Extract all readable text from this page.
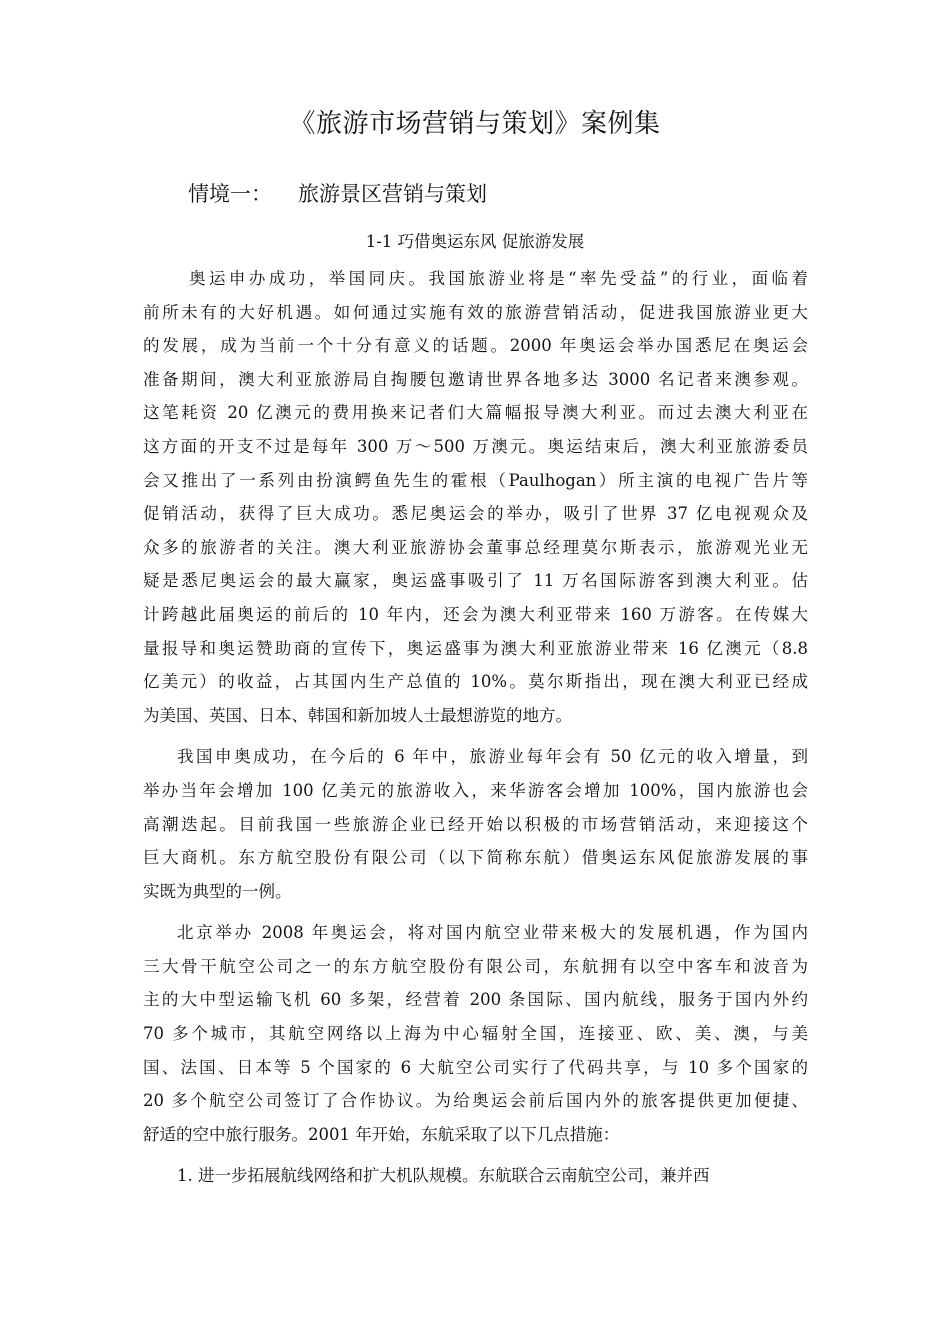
《旅游市场营销与策划》案例集
情境一： 旅游景区营销与策划
1-1 巧借奥运东风 促旅游发展

奥运申办成功，举国同庆。我国旅游业将是“率先受益”的行业，面临着
前所未有的大好机遇。如何通过实施有效的旅游营销活动，促进我国旅游业更大
的发展，成为当前一个十分有意义的话题。2000 年奥运会举办国悉尼在奥运会
准备期间，澳大利亚旅游局自掏腰包邀请世界各地多达 3000 名记者来澳参观。
这笔耗资 20 亿澳元的费用换来记者们大篇幅报导澳大利亚。而过去澳大利亚在
这方面的开支不过是每年 300 万～500 万澳元。奥运结束后，澳大利亚旅游委员
会又推出了一系列由扮演鳄鱼先生的霍根（Paulhogan）所主演的电视广告片等
促销活动，获得了巨大成功。悉尼奥运会的举办，吸引了世界 37 亿电视观众及
众多的旅游者的关注。澳大利亚旅游协会董事总经理莫尔斯表示，旅游观光业无
疑是悉尼奥运会的最大赢家，奥运盛事吸引了 11 万名国际游客到澳大利亚。估
计跨越此届奥运的前后的 10 年内，还会为澳大利亚带来 160 万游客。在传媒大
量报导和奥运赞助商的宣传下，奥运盛事为澳大利亚旅游业带来 16 亿澳元（8.8
亿美元）的收益，占其国内生产总值的 10%。莫尔斯指出，现在澳大利亚已经成
为美国、英国、日本、韩国和新加坡人士最想游览的地方。

我国申奥成功，在今后的 6 年中，旅游业每年会有 50 亿元的收入增量，到
举办当年会增加 100 亿美元的旅游收入，来华游客会增加 100%，国内旅游也会
高潮迭起。目前我国一些旅游企业已经开始以积极的市场营销活动，来迎接这个
巨大商机。东方航空股份有限公司（以下简称东航）借奥运东风促旅游发展的事
实既为典型的一例。

北京举办 2008 年奥运会，将对国内航空业带来极大的发展机遇，作为国内
三大骨干航空公司之一的东方航空股份有限公司，东航拥有以空中客车和波音为
主的大中型运输飞机 60 多架，经营着 200 条国际、国内航线，服务于国内外约
70 多个城市，其航空网络以上海为中心辐射全国，连接亚、欧、美、澳，与美
国、法国、日本等 5 个国家的 6 大航空公司实行了代码共享，与 10 多个国家的
20 多个航空公司签订了合作协议。为给奥运会前后国内外的旅客提供更加便捷、
舒适的空中旅行服务。2001 年开始，东航采取了以下几点措施：

1. 进一步拓展航线网络和扩大机队规模。东航联合云南航空公司，兼并西
